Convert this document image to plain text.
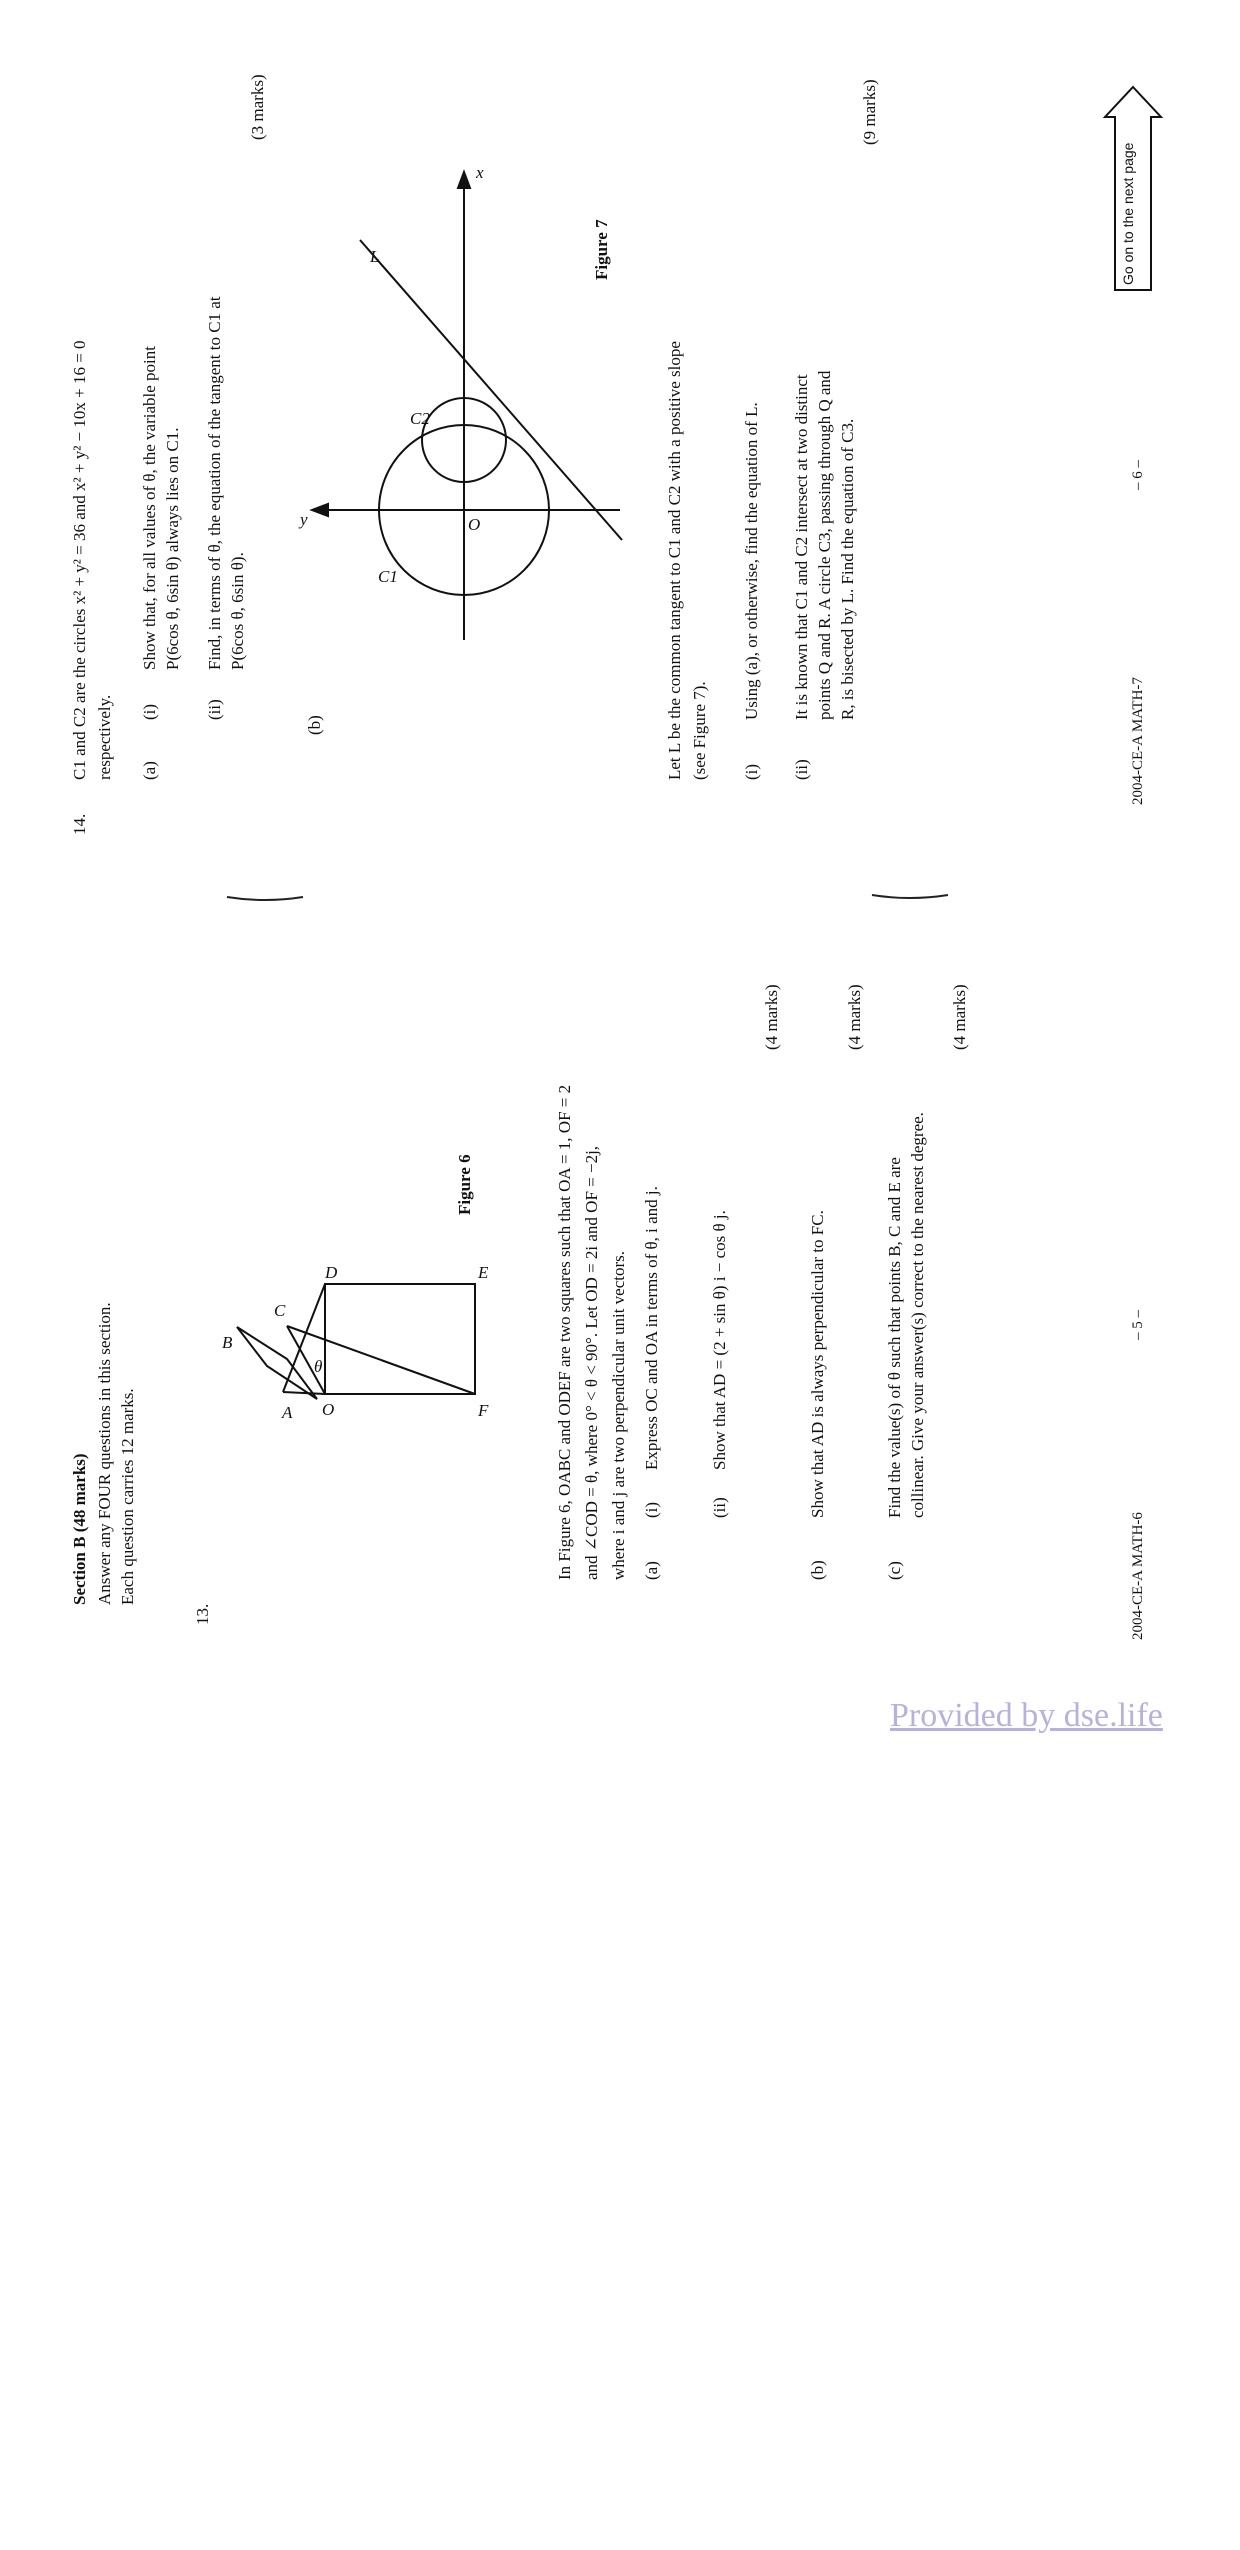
Section B (48 marks) Answer any FOUR questions in this section. Each question carries 12 marks.
13.
B
C
A O
θ
D	E
F
Figure 6	In Figure 6, OABC and ODEF are two squares such that OA = 1, OF = 2 and ∠COD = θ, where 0° < θ < 90°. Let OD = 2i and OF = −2j, where i and j are two perpendicular unit vectors. (a)
(i)
Express OC and OA in terms of θ, i and j.
(ii)
Show that AD = (2 + sin θ) i − cos θ j.
(4 marks)
(b)
Show that AD is always perpendicular to FC.
(4 marks)
(c)
Find the value(s) of θ such that points B, C and E are collinear. Give your answer(s) correct to the nearest degree.
(4 marks)
2004-CE-A MATH-6
– 5 –
14.
C1 and C2 are the circles x² + y² = 36 and x² + y² − 10x + 16 = 0 respectively. (a)
(i)
Show that, for all values of θ, the variable point P(6cos θ, 6sin θ) always lies on C1.
(ii)
Find, in terms of θ, the equation of the tangent to C1 at P(6cos θ, 6sin θ).
(3 marks)
(b)
y
x
O
C1
C2
L	Figure 7
Let L be the common tangent to C1 and C2 with a positive slope (see Figure 7). (i)
Using (a), or otherwise, find the equation of L.
(ii)
It is known that C1 and C2 intersect at two distinct points Q and R. A circle C3, passing through Q and R, is bisected by L. Find the equation of C3.
(9 marks)
2004-CE-A MATH-7
– 6 –
Go on to the next page
Provided by dse.life
